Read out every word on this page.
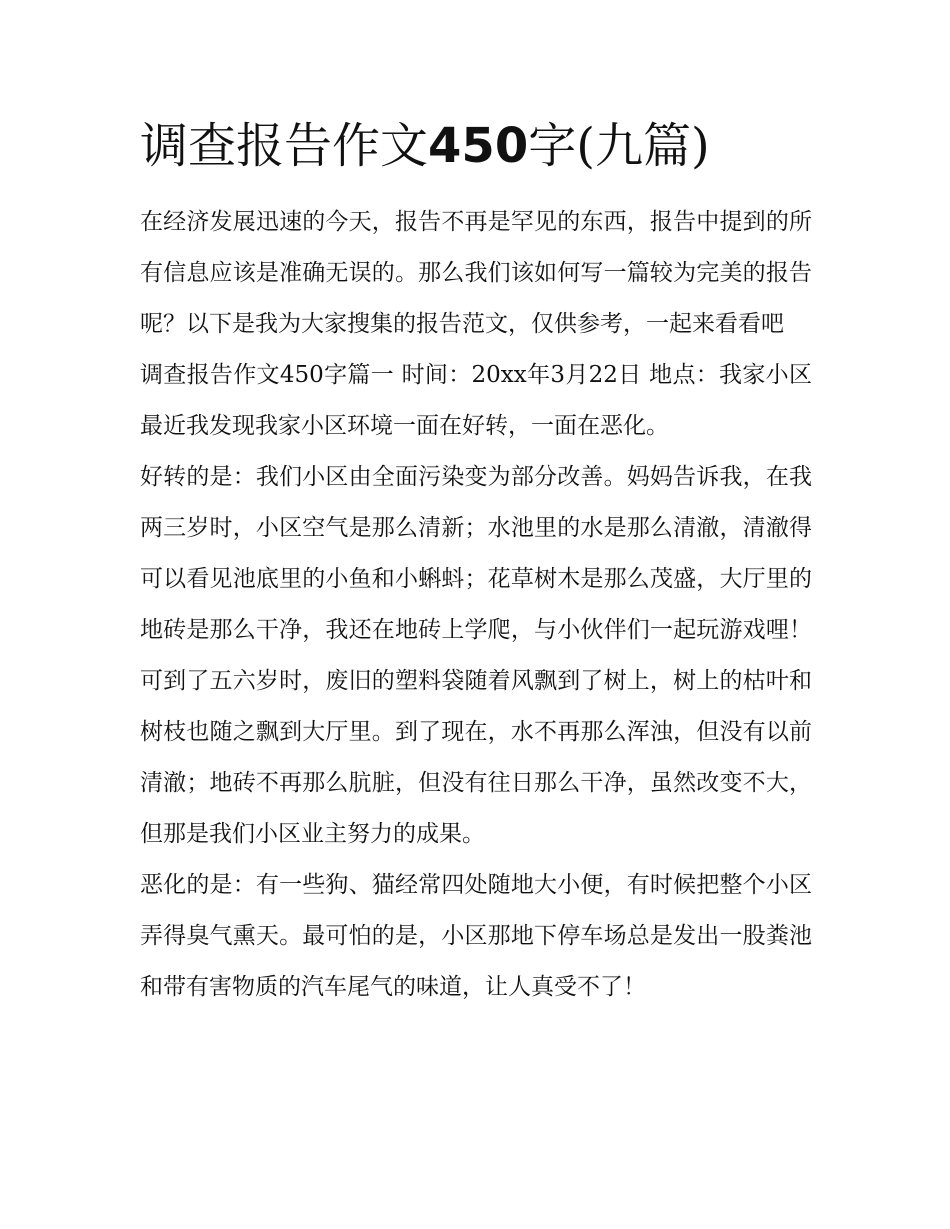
调查报告作文450字(九篇)

在经济发展迅速的今天，报告不再是罕见的东西，报告中提到的所有信息应该是准确无误的。那么我们该如何写一篇较为完美的报告呢？以下是我为大家搜集的报告范文，仅供参考，一起来看看吧

调查报告作文450字篇一 时间：20xx年3月22日 地点：我家小区 最近我发现我家小区环境一面在好转，一面在恶化。

好转的是：我们小区由全面污染变为部分改善。妈妈告诉我，在我两三岁时，小区空气是那么清新；水池里的水是那么清澈，清澈得可以看见池底里的小鱼和小蝌蚪；花草树木是那么茂盛，大厅里的地砖是那么干净，我还在地砖上学爬，与小伙伴们一起玩游戏哩！可到了五六岁时，废旧的塑料袋随着风飘到了树上，树上的枯叶和树枝也随之飘到大厅里。到了现在，水不再那么浑浊，但没有以前清澈；地砖不再那么肮脏，但没有往日那么干净，虽然改变不大，但那是我们小区业主努力的成果。

恶化的是：有一些狗、猫经常四处随地大小便，有时候把整个小区弄得臭气熏天。最可怕的是，小区那地下停车场总是发出一股粪池和带有害物质的汽车尾气的味道，让人真受不了！
